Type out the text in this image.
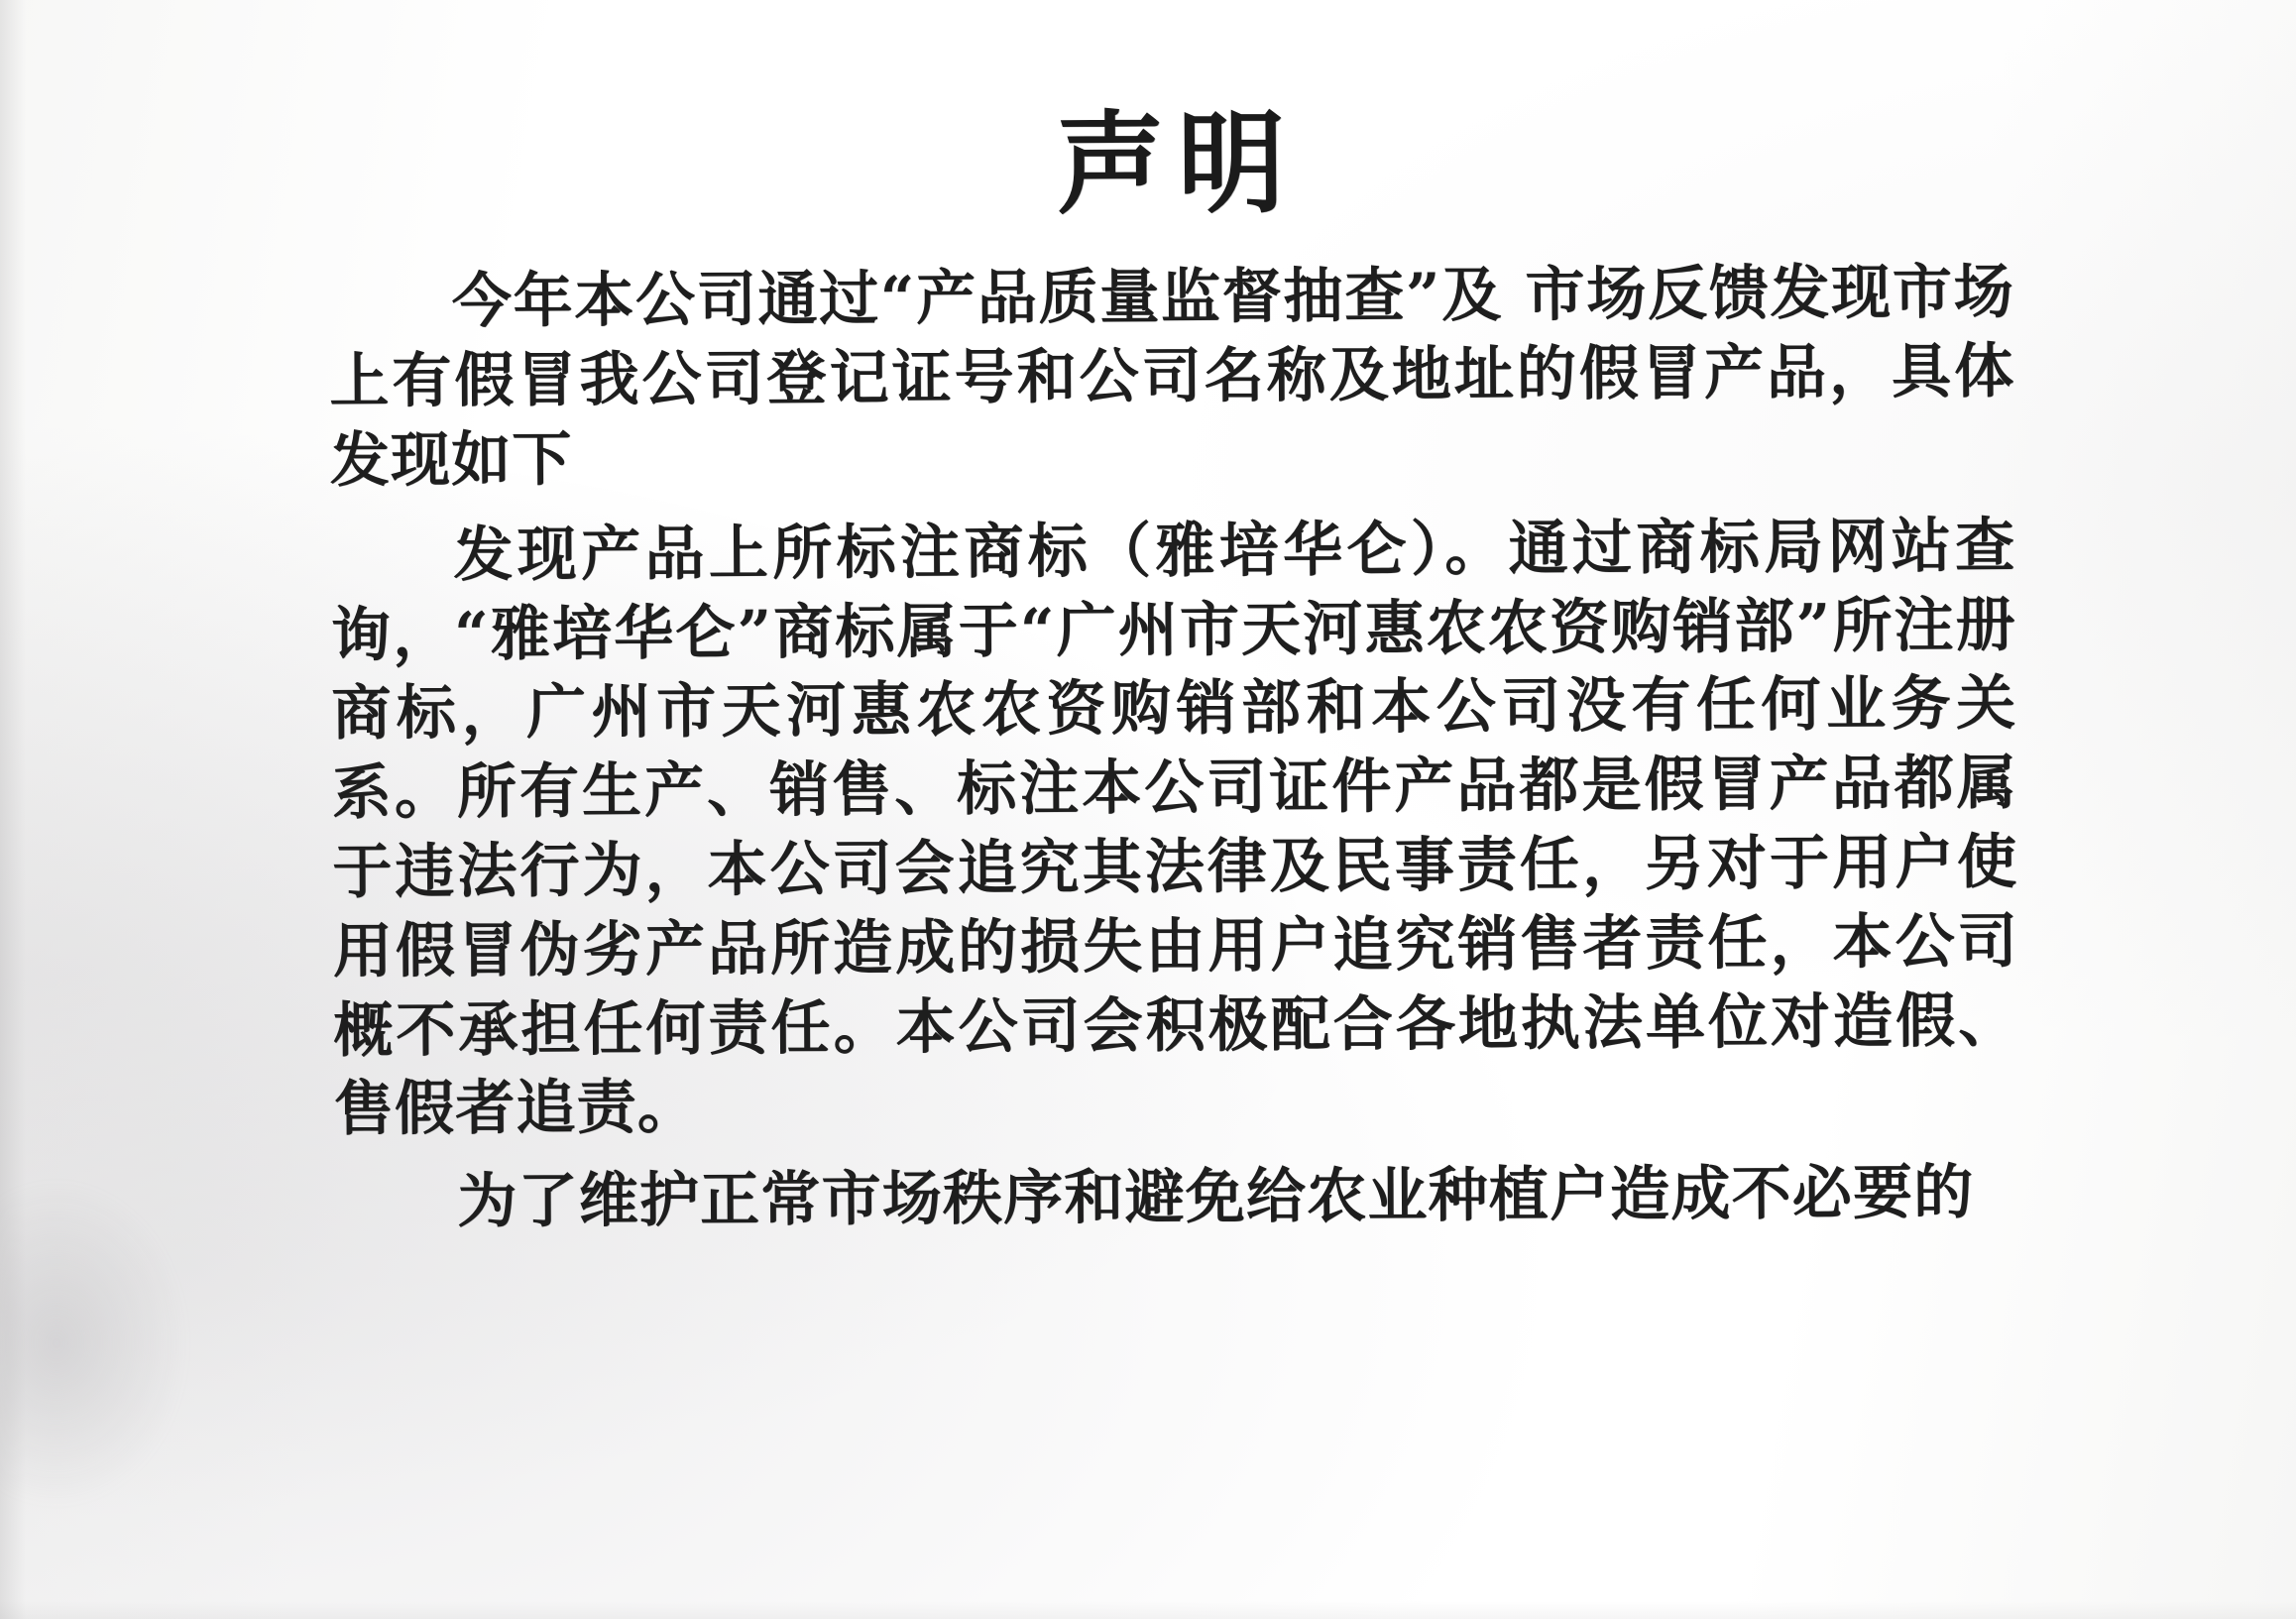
声明

今年本公司通过“产品质量监督抽查”及 市场反馈发现市场上有假冒我公司登记证号和公司名称及地址的假冒产品，具体发现如下

发现产品上所标注商标（雅培华仑）。通过商标局网站查询，“雅培华仑”商标属于“广州市天河惠农农资购销部”所注册商标，广州市天河惠农农资购销部和本公司没有任何业务关系。所有生产、销售、标注本公司证件产品都是假冒产品都属于违法行为，本公司会追究其法律及民事责任，另对于用户使用假冒伪劣产品所造成的损失由用户追究销售者责任，本公司概不承担任何责任。本公司会积极配合各地执法单位对造假、售假者追责。

为了维护正常市场秩序和避免给农业种植户造成不必要的
